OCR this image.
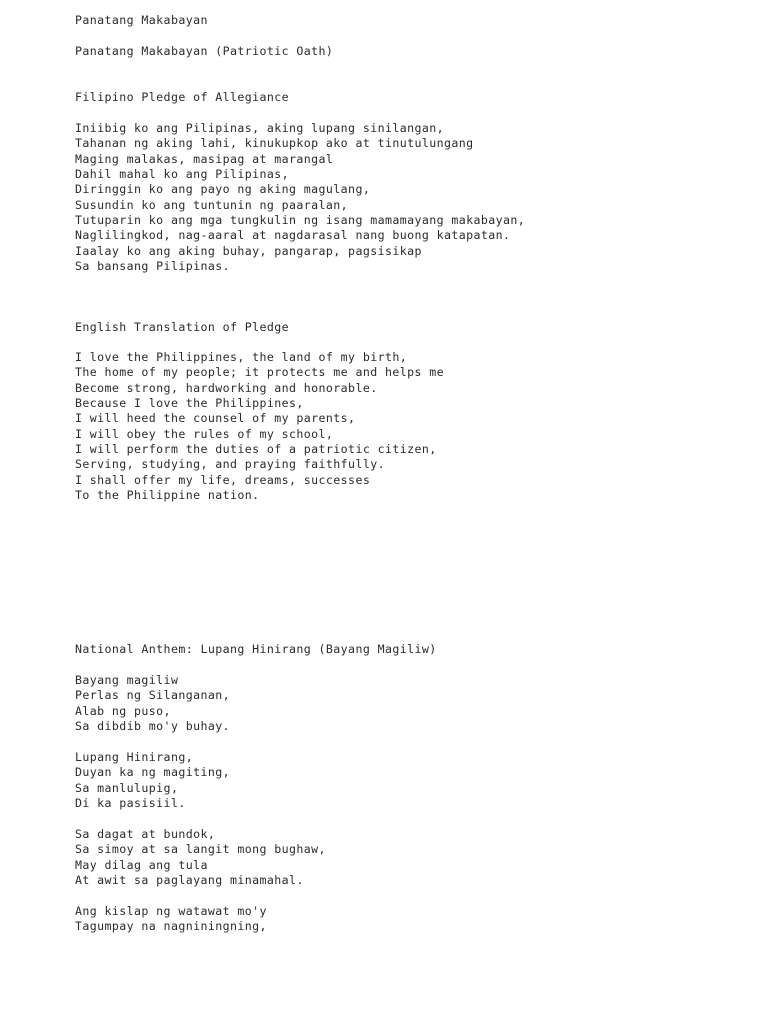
Panatang Makabayan

Panatang Makabayan (Patriotic Oath)

Filipino Pledge of Allegiance

Iniibig ko ang Pilipinas, aking lupang sinilangan,
Tahanan ng aking lahi, kinukupkop ako at tinutulungang
Maging malakas, masipag at marangal
Dahil mahal ko ang Pilipinas,
Diringgin ko ang payo ng aking magulang,
Susundin ko ang tuntunin ng paaralan,
Tutuparin ko ang mga tungkulin ng isang mamamayang makabayan,
Naglilingkod, nag-aaral at nagdarasal nang buong katapatan.
Iaalay ko ang aking buhay, pangarap, pagsisikap
Sa bansang Pilipinas.

English Translation of Pledge

I love the Philippines, the land of my birth,
The home of my people; it protects me and helps me
Become strong, hardworking and honorable.
Because I love the Philippines,
I will heed the counsel of my parents,
I will obey the rules of my school,
I will perform the duties of a patriotic citizen,
Serving, studying, and praying faithfully.
I shall offer my life, dreams, successes
To the Philippine nation.

National Anthem: Lupang Hinirang (Bayang Magiliw)

Bayang magiliw
Perlas ng Silanganan,
Alab ng puso,
Sa dibdib mo'y buhay.
Lupang Hinirang,
Duyan ka ng magiting,
Sa manlulupig,
Di ka pasisiil.
Sa dagat at bundok,
Sa simoy at sa langit mong bughaw,
May dilag ang tula
At awit sa paglayang minamahal.
Ang kislap ng watawat mo'y
Tagumpay na nagniningning,
